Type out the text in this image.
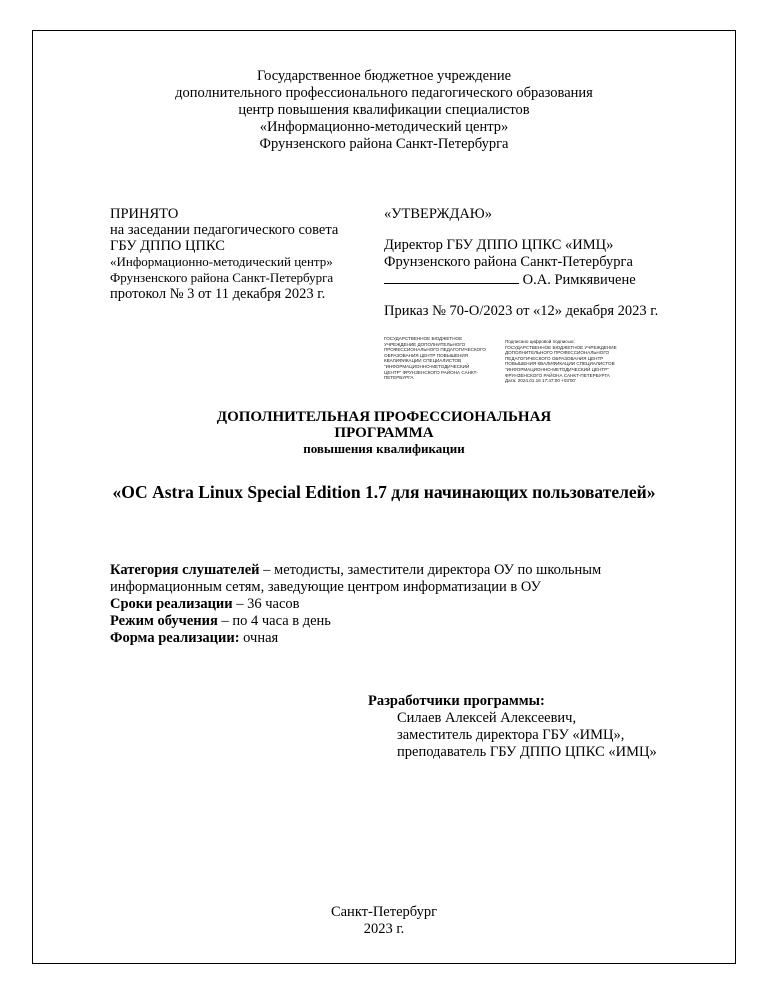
Государственное бюджетное учреждение
дополнительного профессионального педагогического образования
центр повышения квалификации специалистов
«Информационно-методический центр»
Фрунзенского района Санкт-Петербурга
ПРИНЯТО
на заседании педагогического совета
ГБУ ДППО ЦПКС
«Информационно-методический центр»
Фрунзенского района Санкт-Петербурга
протокол № 3 от 11 декабря 2023 г.
«УТВЕРЖДАЮ»
Директор ГБУ ДППО ЦПКС «ИМЦ»
Фрунзенского района Санкт-Петербурга
О.А. Римкявичене
Приказ № 70-О/2023 от «12» декабря 2023 г.
ГОСУДАРСТВЕННОЕ БЮДЖЕТНОЕ
УЧРЕЖДЕНИЕ ДОПОЛНИТЕЛЬНОГО
ПРОФЕССИОНАЛЬНОГО ПЕДАГОГИЧЕСКОГО
ОБРАЗОВАНИЯ ЦЕНТР ПОВЫШЕНИЯ
КВАЛИФИКАЦИИ СПЕЦИАЛИСТОВ
"ИНФОРМАЦИОННО-МЕТОДИЧЕСКИЙ
ЦЕНТР" ФРУНЗЕНСКОГО РАЙОНА САНКТ-
ПЕТЕРБУРГА
Подписано цифровой подписью:
ГОСУДАРСТВЕННОЕ БЮДЖЕТНОЕ УЧРЕЖДЕНИЕ
ДОПОЛНИТЕЛЬНОГО ПРОФЕССИОНАЛЬНОГО
ПЕДАГОГИЧЕСКОГО ОБРАЗОВАНИЯ ЦЕНТР
ПОВЫШЕНИЯ КВАЛИФИКАЦИИ СПЕЦИАЛИСТОВ
"ИНФОРМАЦИОННО-МЕТОДИЧЕСКИЙ ЦЕНТР"
ФРУНЗЕНСКОГО РАЙОНА САНКТ-ПЕТЕРБУРГА
Дата: 2024.01.16 17:47:00 +03'00'
ДОПОЛНИТЕЛЬНАЯ ПРОФЕССИОНАЛЬНАЯ
ПРОГРАММА
повышения квалификации
«ОС Astra Linux Special Edition 1.7 для начинающих пользователей»
Категория слушателей – методисты, заместители директора ОУ по школьным
информационным сетям, заведующие центром информатизации в ОУ
Сроки реализации – 36 часов
Режим обучения – по 4 часа в день
Форма реализации: очная
Разработчики программы:
Силаев Алексей Алексеевич,
заместитель директора ГБУ «ИМЦ»,
преподаватель ГБУ ДППО ЦПКС «ИМЦ»
Санкт-Петербург
2023 г.
